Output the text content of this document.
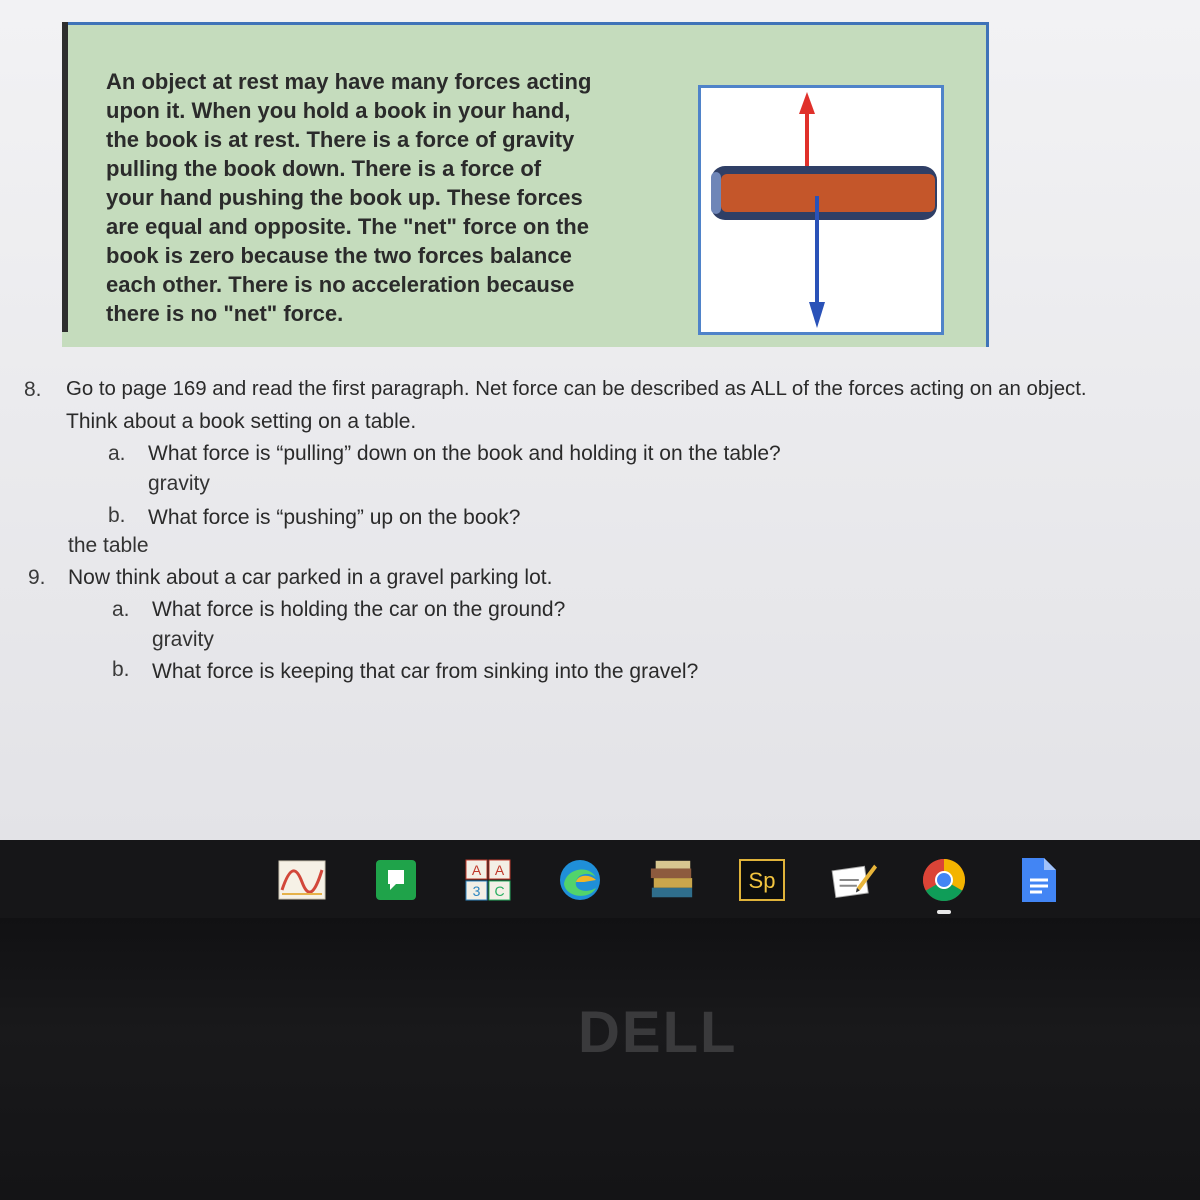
An object at rest may have many forces acting
upon it. When you hold a book in your hand,
the book is at rest. There is a force of gravity
pulling the book down. There is a force of
your hand pushing the book up. These forces
are equal and opposite. The "net" force on the
book is zero because the two forces balance
each other. There is no acceleration because
there is no "net" force.
8. Go to page 169 and read the first paragraph. Net force can be described as ALL of the forces acting on an object.
Think about a book setting on a table.
a. What force is “pulling” down on the book and holding it on the table?
gravity
b. What force is “pushing” up on the book?
the table
9. Now think about a car parked in a gravel parking lot.
a. What force is holding the car on the ground?
gravity
b. What force is keeping that car from sinking into the gravel?
A A
3 C	Sp
DELL
